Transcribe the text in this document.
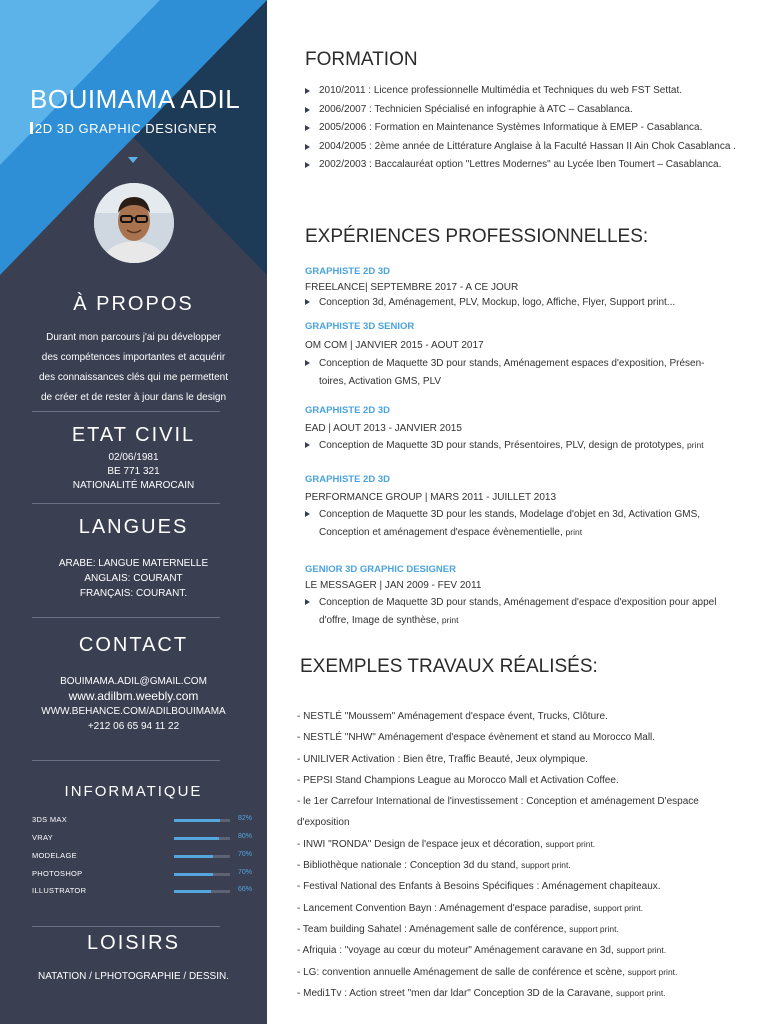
BOUIMAMA ADIL
2D 3D GRAPHIC DESIGNER
À PROPOS
Durant mon parcours j'ai pu développer
des compétences importantes et acquérir
des connaissances clés qui me permettent
de créer et de rester à jour dans le design
ETAT CIVIL
02/06/1981
BE 771 321
NATIONALITÉ MAROCAIN
LANGUES
ARABE: LANGUE MATERNELLE
ANGLAIS: COURANT
FRANÇAIS: COURANT.
CONTACT
BOUIMAMA.ADIL@GMAIL.COM
www.adilbm.weebly.com
WWW.BEHANCE.COM/ADILBOUIMAMA
+212 06 65 94 11 22
INFORMATIQUE
3DS MAX	82%
VRAY	80%
MODELAGE	70%
PHOTOSHOP	70%
ILLUSTRATOR	66%
LOISIRS
NATATION / LPHOTOGRAPHIE / DESSIN.
FORMATION
2010/2011 : Licence professionnelle Multimédia et Techniques du web FST Settat.
2006/2007 : Technicien Spécialisé en infographie à ATC – Casablanca.
2005/2006 : Formation en Maintenance Systèmes Informatique à EMEP - Casablanca.
2004/2005 : 2ème année de Littérature Anglaise à la Faculté Hassan II Ain Chok Casablanca .
2002/2003 : Baccalauréat option "Lettres Modernes" au Lycée Iben Toumert – Casablanca.
EXPÉRIENCES PROFESSIONNELLES:
GRAPHISTE 2D 3D
FREELANCE| SEPTEMBRE 2017 - A CE JOUR
Conception 3d, Aménagement, PLV, Mockup, logo, Affiche, Flyer, Support print...
GRAPHISTE 3D SENIOR
OM COM | JANVIER 2015 - AOUT 2017
Conception de Maquette 3D pour stands, Aménagement espaces d'exposition, Présen-toires, Activation GMS, PLV
GRAPHISTE 2D 3D
EAD | AOUT 2013 - JANVIER 2015
Conception de Maquette 3D pour stands, Présentoires, PLV, design de prototypes, print
GRAPHISTE 2D 3D
PERFORMANCE GROUP | MARS 2011 - JUILLET 2013
Conception de Maquette 3D pour les stands, Modelage d'objet en 3d, Activation GMS, Conception et aménagement d'espace évènementielle, print
GENIOR 3D GRAPHIC DESIGNER
LE MESSAGER | JAN 2009 - FEV 2011
Conception de Maquette 3D pour stands, Aménagement d'espace d'exposition pour appel d'offre, Image de synthèse, print
EXEMPLES TRAVAUX RÉALISÉS:
- NESTLÉ "Moussem" Aménagement d'espace évent, Trucks, Clôture.
- NESTLÉ "NHW" Aménagement d'espace évènement et stand au Morocco Mall.
- UNILIVER Activation : Bien être, Traffic Beauté, Jeux olympique.
- PEPSI Stand Champions League au Morocco Mall et Activation Coffee.
- le 1er Carrefour International de l'investissement : Conception et aménagement D'espace
d'exposition
- INWI "RONDA" Design de l'espace jeux et décoration, support print.
- Bibliothèque nationale : Conception 3d du stand, support print.
- Festival National des Enfants à Besoins Spécifiques : Aménagement chapiteaux.
- Lancement Convention Bayn : Aménagement d'espace paradise, support print.
- Team building Sahatel : Aménagement salle de conférence, support print.
- Afriquia : "voyage au cœur du moteur" Aménagement caravane en 3d, support print.
- LG: convention annuelle Aménagement de salle de conférence et scène, support print.
- Medi1Tv : Action street "men dar ldar" Conception 3D de la Caravane, support print.
